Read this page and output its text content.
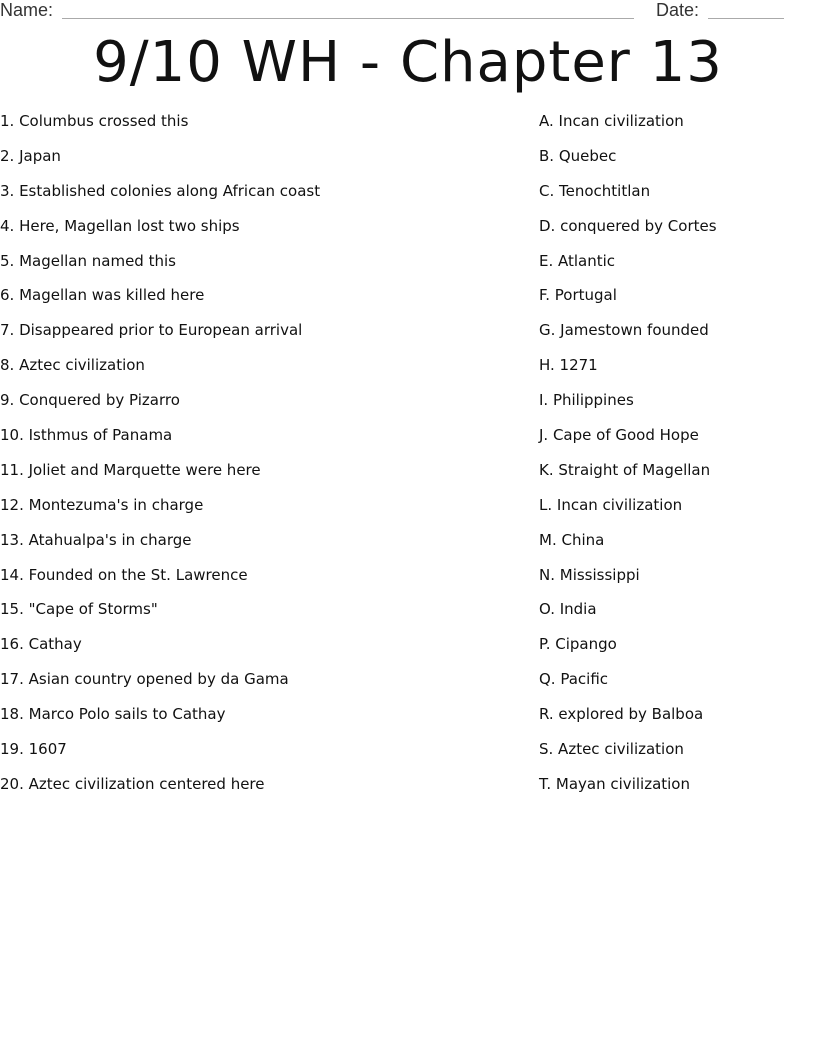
Name:	Date:
9/10 WH - Chapter 13
1. Columbus crossed this
2. Japan
3. Established colonies along African coast
4. Here, Magellan lost two ships
5. Magellan named this
6. Magellan was killed here
7. Disappeared prior to European arrival
8. Aztec civilization
9. Conquered by Pizarro
10. Isthmus of Panama
11. Joliet and Marquette were here
12. Montezuma's in charge
13. Atahualpa's in charge
14. Founded on the St. Lawrence
15. "Cape of Storms"
16. Cathay
17. Asian country opened by da Gama
18. Marco Polo sails to Cathay
19. 1607
20. Aztec civilization centered here
A. Incan civilization
B. Quebec
C. Tenochtitlan
D. conquered by Cortes
E. Atlantic
F. Portugal
G. Jamestown founded
H. 1271
I. Philippines
J. Cape of Good Hope
K. Straight of Magellan
L. Incan civilization
M. China
N. Mississippi
O. India
P. Cipango
Q. Pacific
R. explored by Balboa
S. Aztec civilization
T. Mayan civilization
